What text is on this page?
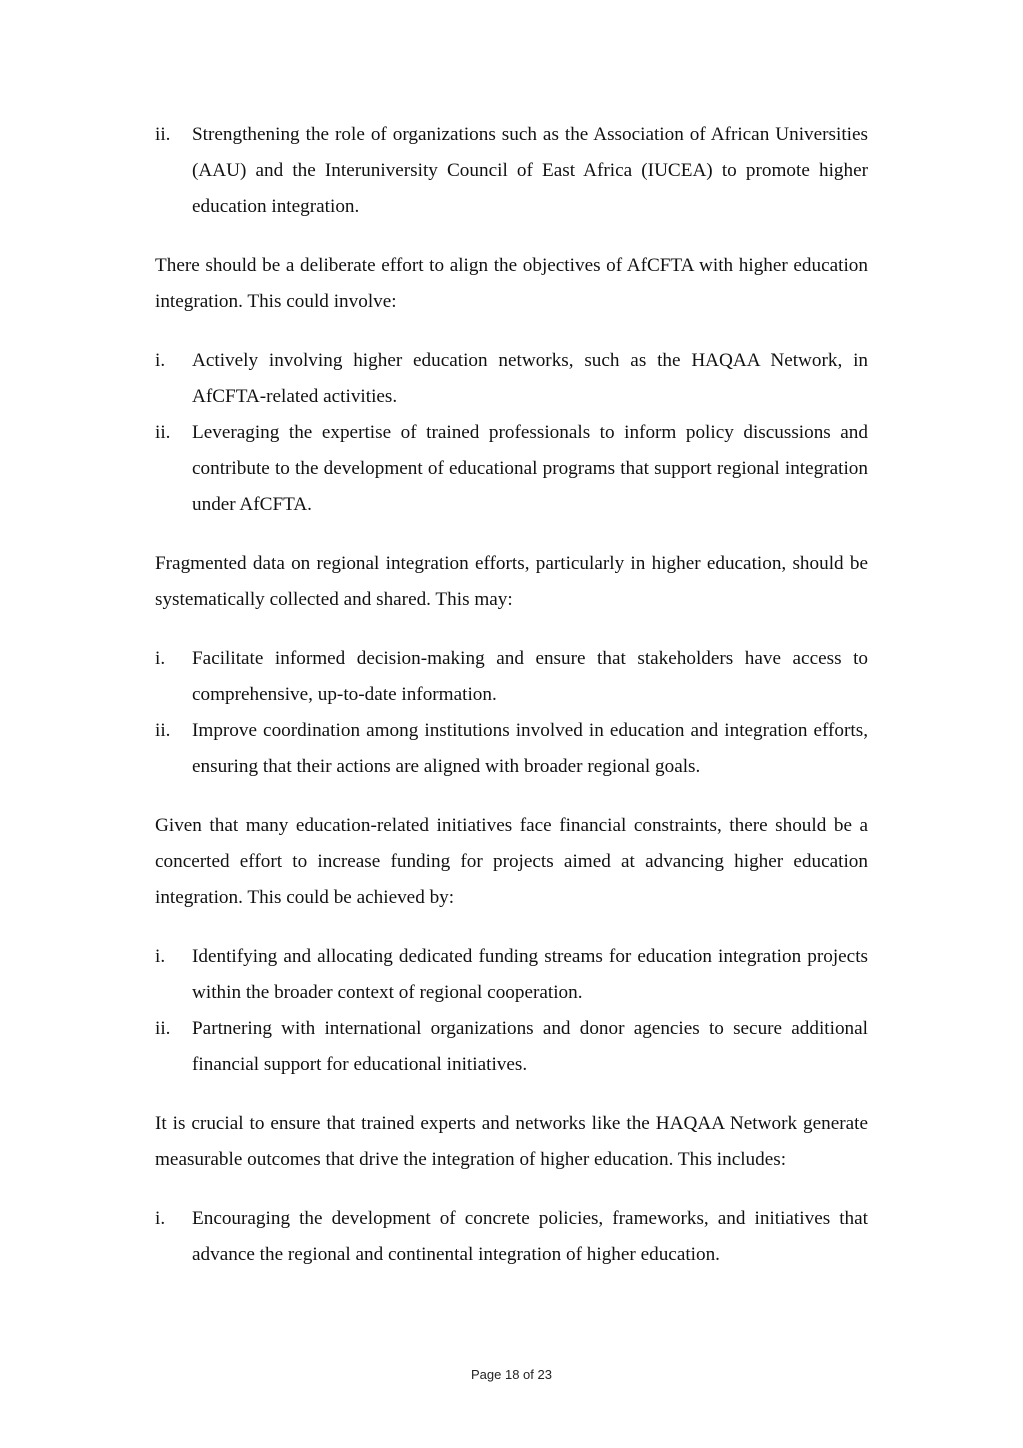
ii. Strengthening the role of organizations such as the Association of African Universities (AAU) and the Interuniversity Council of East Africa (IUCEA) to promote higher education integration.

There should be a deliberate effort to align the objectives of AfCFTA with higher education integration. This could involve:

i. Actively involving higher education networks, such as the HAQAA Network, in AfCFTA-related activities.
ii. Leveraging the expertise of trained professionals to inform policy discussions and contribute to the development of educational programs that support regional integration under AfCFTA.

Fragmented data on regional integration efforts, particularly in higher education, should be systematically collected and shared. This may:

i. Facilitate informed decision-making and ensure that stakeholders have access to comprehensive, up-to-date information.
ii. Improve coordination among institutions involved in education and integration efforts, ensuring that their actions are aligned with broader regional goals.

Given that many education-related initiatives face financial constraints, there should be a concerted effort to increase funding for projects aimed at advancing higher education integration. This could be achieved by:

i. Identifying and allocating dedicated funding streams for education integration projects within the broader context of regional cooperation.
ii. Partnering with international organizations and donor agencies to secure additional financial support for educational initiatives.

It is crucial to ensure that trained experts and networks like the HAQAA Network generate measurable outcomes that drive the integration of higher education. This includes:

i. Encouraging the development of concrete policies, frameworks, and initiatives that advance the regional and continental integration of higher education.
Page 18 of 23
